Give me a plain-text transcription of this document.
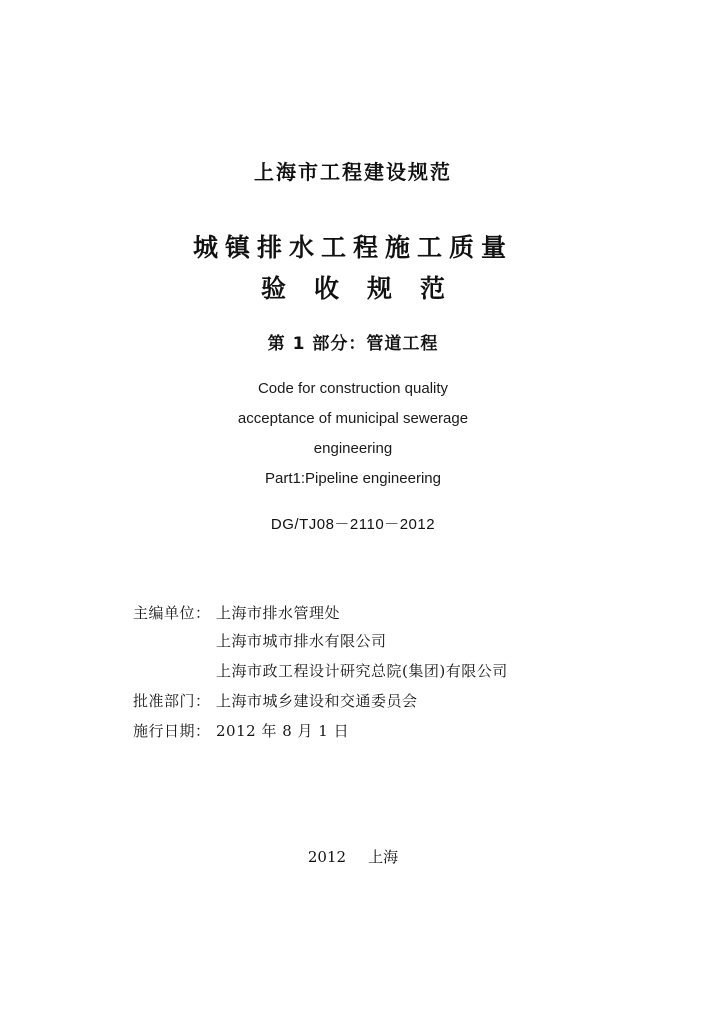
上海市工程建设规范
城镇排水工程施工质量
验收规范
第 1 部分：管道工程
Code for construction quality
acceptance of municipal sewerage
engineering
Part1:Pipeline engineering
DG/TJ08－2110－2012
主编单位： 上海市排水管理处
上海市城市排水有限公司
上海市政工程设计研究总院(集团)有限公司
批准部门： 上海市城乡建设和交通委员会
施行日期： 2012 年 8 月 1 日
2012 上海
